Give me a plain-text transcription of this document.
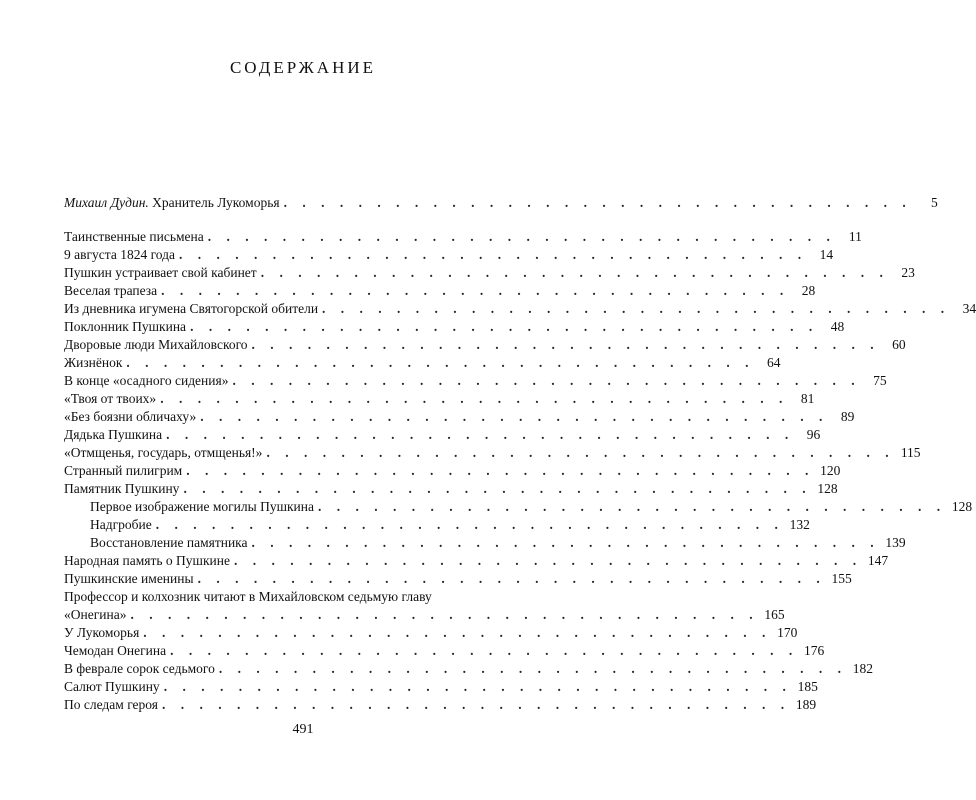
СОДЕРЖАНИЕ
Михаил Дудин. Хранитель Лукоморья . . . . . . . . . . . . . . . . . . . . . . . . . . . . . . . . . .	5
Таинственные письмена . . . . . . . . . . . . . . . . . . . . . . . . . . . . . . . . . . 11
9 августа 1824 года . . . . . . . . . . . . . . . . . . . . . . . . . . . . . . . . . . 14
Пушкин устраивает свой кабинет . . . . . . . . . . . . . . . . . . . . . . . . . . . . . . . . . . 23
Веселая трапеза . . . . . . . . . . . . . . . . . . . . . . . . . . . . . . . . . . 28
Из дневника игумена Святогорской обители . . . . . . . . . . . . . . . . . . . . . . . . . . . . . . . . . . 34
Поклонник Пушкина . . . . . . . . . . . . . . . . . . . . . . . . . . . . . . . . . . 48
Дворовые люди Михайловского . . . . . . . . . . . . . . . . . . . . . . . . . . . . . . . . . . 60
Жизнёнок . . . . . . . . . . . . . . . . . . . . . . . . . . . . . . . . . . 64
В конце «осадного сидения» . . . . . . . . . . . . . . . . . . . . . . . . . . . . . . . . . . 75
«Твоя от твоих» . . . . . . . . . . . . . . . . . . . . . . . . . . . . . . . . . . 81
«Без боязни обличаху» . . . . . . . . . . . . . . . . . . . . . . . . . . . . . . . . . . 89
Дядька Пушкина . . . . . . . . . . . . . . . . . . . . . . . . . . . . . . . . . . 96
«Отмщенья, государь, отмщенья!» . . . . . . . . . . . . . . . . . . . . . . . . . . . . . . . . . . 115
Странный пилигрим . . . . . . . . . . . . . . . . . . . . . . . . . . . . . . . . . . 120
Памятник Пушкину . . . . . . . . . . . . . . . . . . . . . . . . . . . . . . . . . . 128
Первое изображение могилы Пушкина . . . . . . . . . . . . . . . . . . . . . . . . . . . . . . . . . . 128
Надгробие . . . . . . . . . . . . . . . . . . . . . . . . . . . . . . . . . . 132
Восстановление памятника . . . . . . . . . . . . . . . . . . . . . . . . . . . . . . . . . . 139
Народная память о Пушкине . . . . . . . . . . . . . . . . . . . . . . . . . . . . . . . . . . 147
Пушкинские именины . . . . . . . . . . . . . . . . . . . . . . . . . . . . . . . . . . 155
Профессор и колхозник читают в Михайловском седьмую главу
«Онегина» . . . . . . . . . . . . . . . . . . . . . . . . . . . . . . . . . . 165
У Лукоморья . . . . . . . . . . . . . . . . . . . . . . . . . . . . . . . . . . 170
Чемодан Онегина . . . . . . . . . . . . . . . . . . . . . . . . . . . . . . . . . . 176
В феврале сорок седьмого . . . . . . . . . . . . . . . . . . . . . . . . . . . . . . . . . . 182
Салют Пушкину . . . . . . . . . . . . . . . . . . . . . . . . . . . . . . . . . . 185
По следам героя . . . . . . . . . . . . . . . . . . . . . . . . . . . . . . . . . . 189
491
